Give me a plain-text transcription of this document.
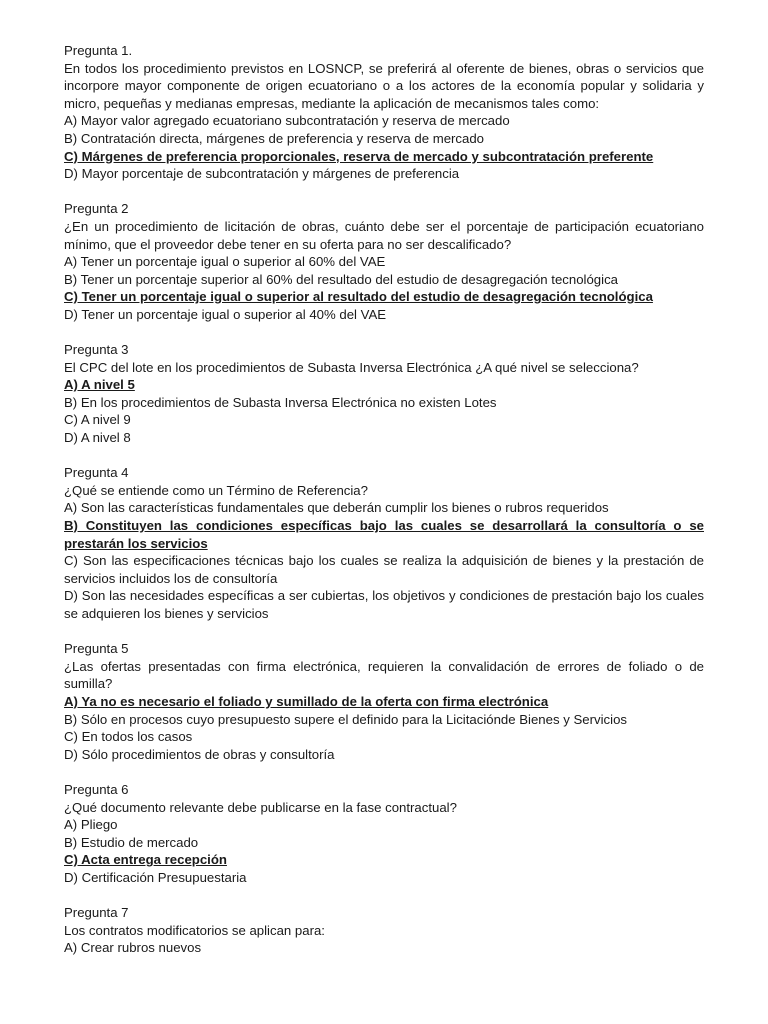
Pregunta 1.

En todos los procedimiento previstos en LOSNCP, se preferirá al oferente de bienes, obras o servicios que incorpore mayor componente de origen ecuatoriano o a los actores de la economía popular y solidaria y micro, pequeñas y medianas empresas, mediante la aplicación de mecanismos tales como:

A) Mayor valor agregado ecuatoriano subcontratación y reserva de mercado

B) Contratación directa, márgenes de preferencia y reserva de mercado

C) Márgenes de preferencia proporcionales, reserva de mercado y subcontratación preferente

D) Mayor porcentaje de subcontratación y márgenes de preferencia

Pregunta 2

¿En un procedimiento de licitación de obras, cuánto debe ser el porcentaje de participación ecuatoriano mínimo, que el proveedor debe tener en su oferta para no ser descalificado?

A) Tener un porcentaje igual o superior al 60% del VAE

B) Tener un porcentaje superior al 60% del resultado del estudio de desagregación tecnológica

C) Tener un porcentaje igual o superior al resultado del estudio de desagregación tecnológica

D) Tener un porcentaje igual o superior al 40% del VAE

Pregunta 3

El CPC del lote en los procedimientos de Subasta Inversa Electrónica ¿A qué nivel se selecciona?

A) A nivel 5

B) En los procedimientos de Subasta Inversa Electrónica no existen Lotes

C) A nivel 9

D) A nivel 8

Pregunta 4

¿Qué se entiende como un Término de Referencia?

A) Son las características fundamentales que deberán cumplir los bienes o rubros requeridos

B) Constituyen las condiciones específicas bajo las cuales se desarrollará la consultoría o se prestarán los servicios

C) Son las especificaciones técnicas bajo los cuales se realiza la adquisición de bienes y la prestación de servicios incluidos los de consultoría

D) Son las necesidades específicas a ser cubiertas, los objetivos y condiciones de prestación bajo los cuales se adquieren los bienes y servicios

Pregunta 5

¿Las ofertas presentadas con firma electrónica, requieren la convalidación de errores de foliado o de sumilla?

A) Ya no es necesario el foliado y sumillado de la oferta con firma electrónica

B) Sólo en procesos cuyo presupuesto supere el definido para la Licitaciónde Bienes y Servicios

C) En todos los casos

D) Sólo procedimientos de obras y consultoría

Pregunta 6

¿Qué documento relevante debe publicarse en la fase contractual?

A) Pliego

B) Estudio de mercado

C) Acta entrega recepción

D) Certificación Presupuestaria

Pregunta 7

Los contratos modificatorios se aplican para:

A) Crear rubros nuevos
